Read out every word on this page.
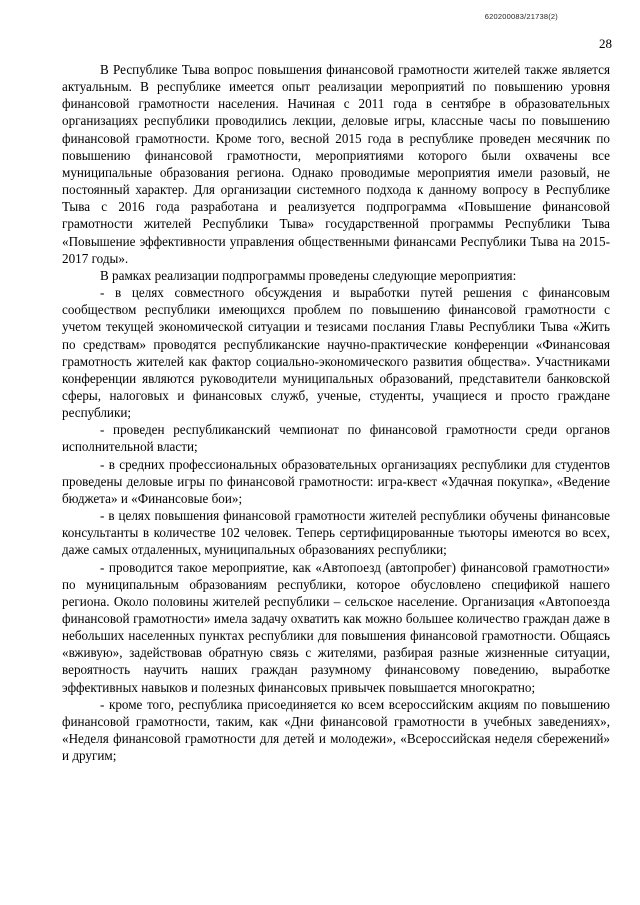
620200083/21738(2)
28

В Республике Тыва вопрос повышения финансовой грамотности жителей также является актуальным. В республике имеется опыт реализации мероприятий по повышению уровня финансовой грамотности населения. Начиная с 2011 года в сентябре в образовательных организациях республики проводились лекции, деловые игры, классные часы по повышению финансовой грамотности. Кроме того, весной 2015 года в республике проведен месячник по повышению финансовой грамотности, мероприятиями которого были охвачены все муниципальные образования региона. Однако проводимые мероприятия имели разовый, не постоянный характер. Для организации системного подхода к данному вопросу в Республике Тыва с 2016 года разработана и реализуется подпрограмма «Повышение финансовой грамотности жителей Республики Тыва» государственной программы Республики Тыва «Повышение эффективности управления общественными финансами Республики Тыва на 2015-2017 годы».

В рамках реализации подпрограммы проведены следующие мероприятия:

- в целях совместного обсуждения и выработки путей решения с финансовым сообществом республики имеющихся проблем по повышению финансовой грамотности с учетом текущей экономической ситуации и тезисами послания Главы Республики Тыва «Жить по средствам» проводятся республиканские научно-практические конференции «Финансовая грамотность жителей как фактор социально-экономического развития общества». Участниками конференции являются руководители муниципальных образований, представители банковской сферы, налоговых и финансовых служб, ученые, студенты, учащиеся и просто граждане республики;

- проведен республиканский чемпионат по финансовой грамотности среди органов исполнительной власти;

- в средних профессиональных образовательных организациях республики для студентов проведены деловые игры по финансовой грамотности: игра-квест «Удачная покупка», «Ведение бюджета» и «Финансовые бои»;

- в целях повышения финансовой грамотности жителей республики обучены финансовые консультанты в количестве 102 человек. Теперь сертифицированные тьюторы имеются во всех, даже самых отдаленных, муниципальных образованиях республики;

- проводится такое мероприятие, как «Автопоезд (автопробег) финансовой грамотности» по муниципальным образованиям республики, которое обусловлено спецификой нашего региона. Около половины жителей республики – сельское население. Организация «Автопоезда финансовой грамотности» имела задачу охватить как можно большее количество граждан даже в небольших населенных пунктах республики для повышения финансовой грамотности. Общаясь «вживую», задействовав обратную связь с жителями, разбирая разные жизненные ситуации, вероятность научить наших граждан разумному финансовому поведению, выработке эффективных навыков и полезных финансовых привычек повышается многократно;

- кроме того, республика присоединяется ко всем всероссийским акциям по повышению финансовой грамотности, таким, как «Дни финансовой грамотности в учебных заведениях», «Неделя финансовой грамотности для детей и молодежи», «Всероссийская неделя сбережений» и другим;
